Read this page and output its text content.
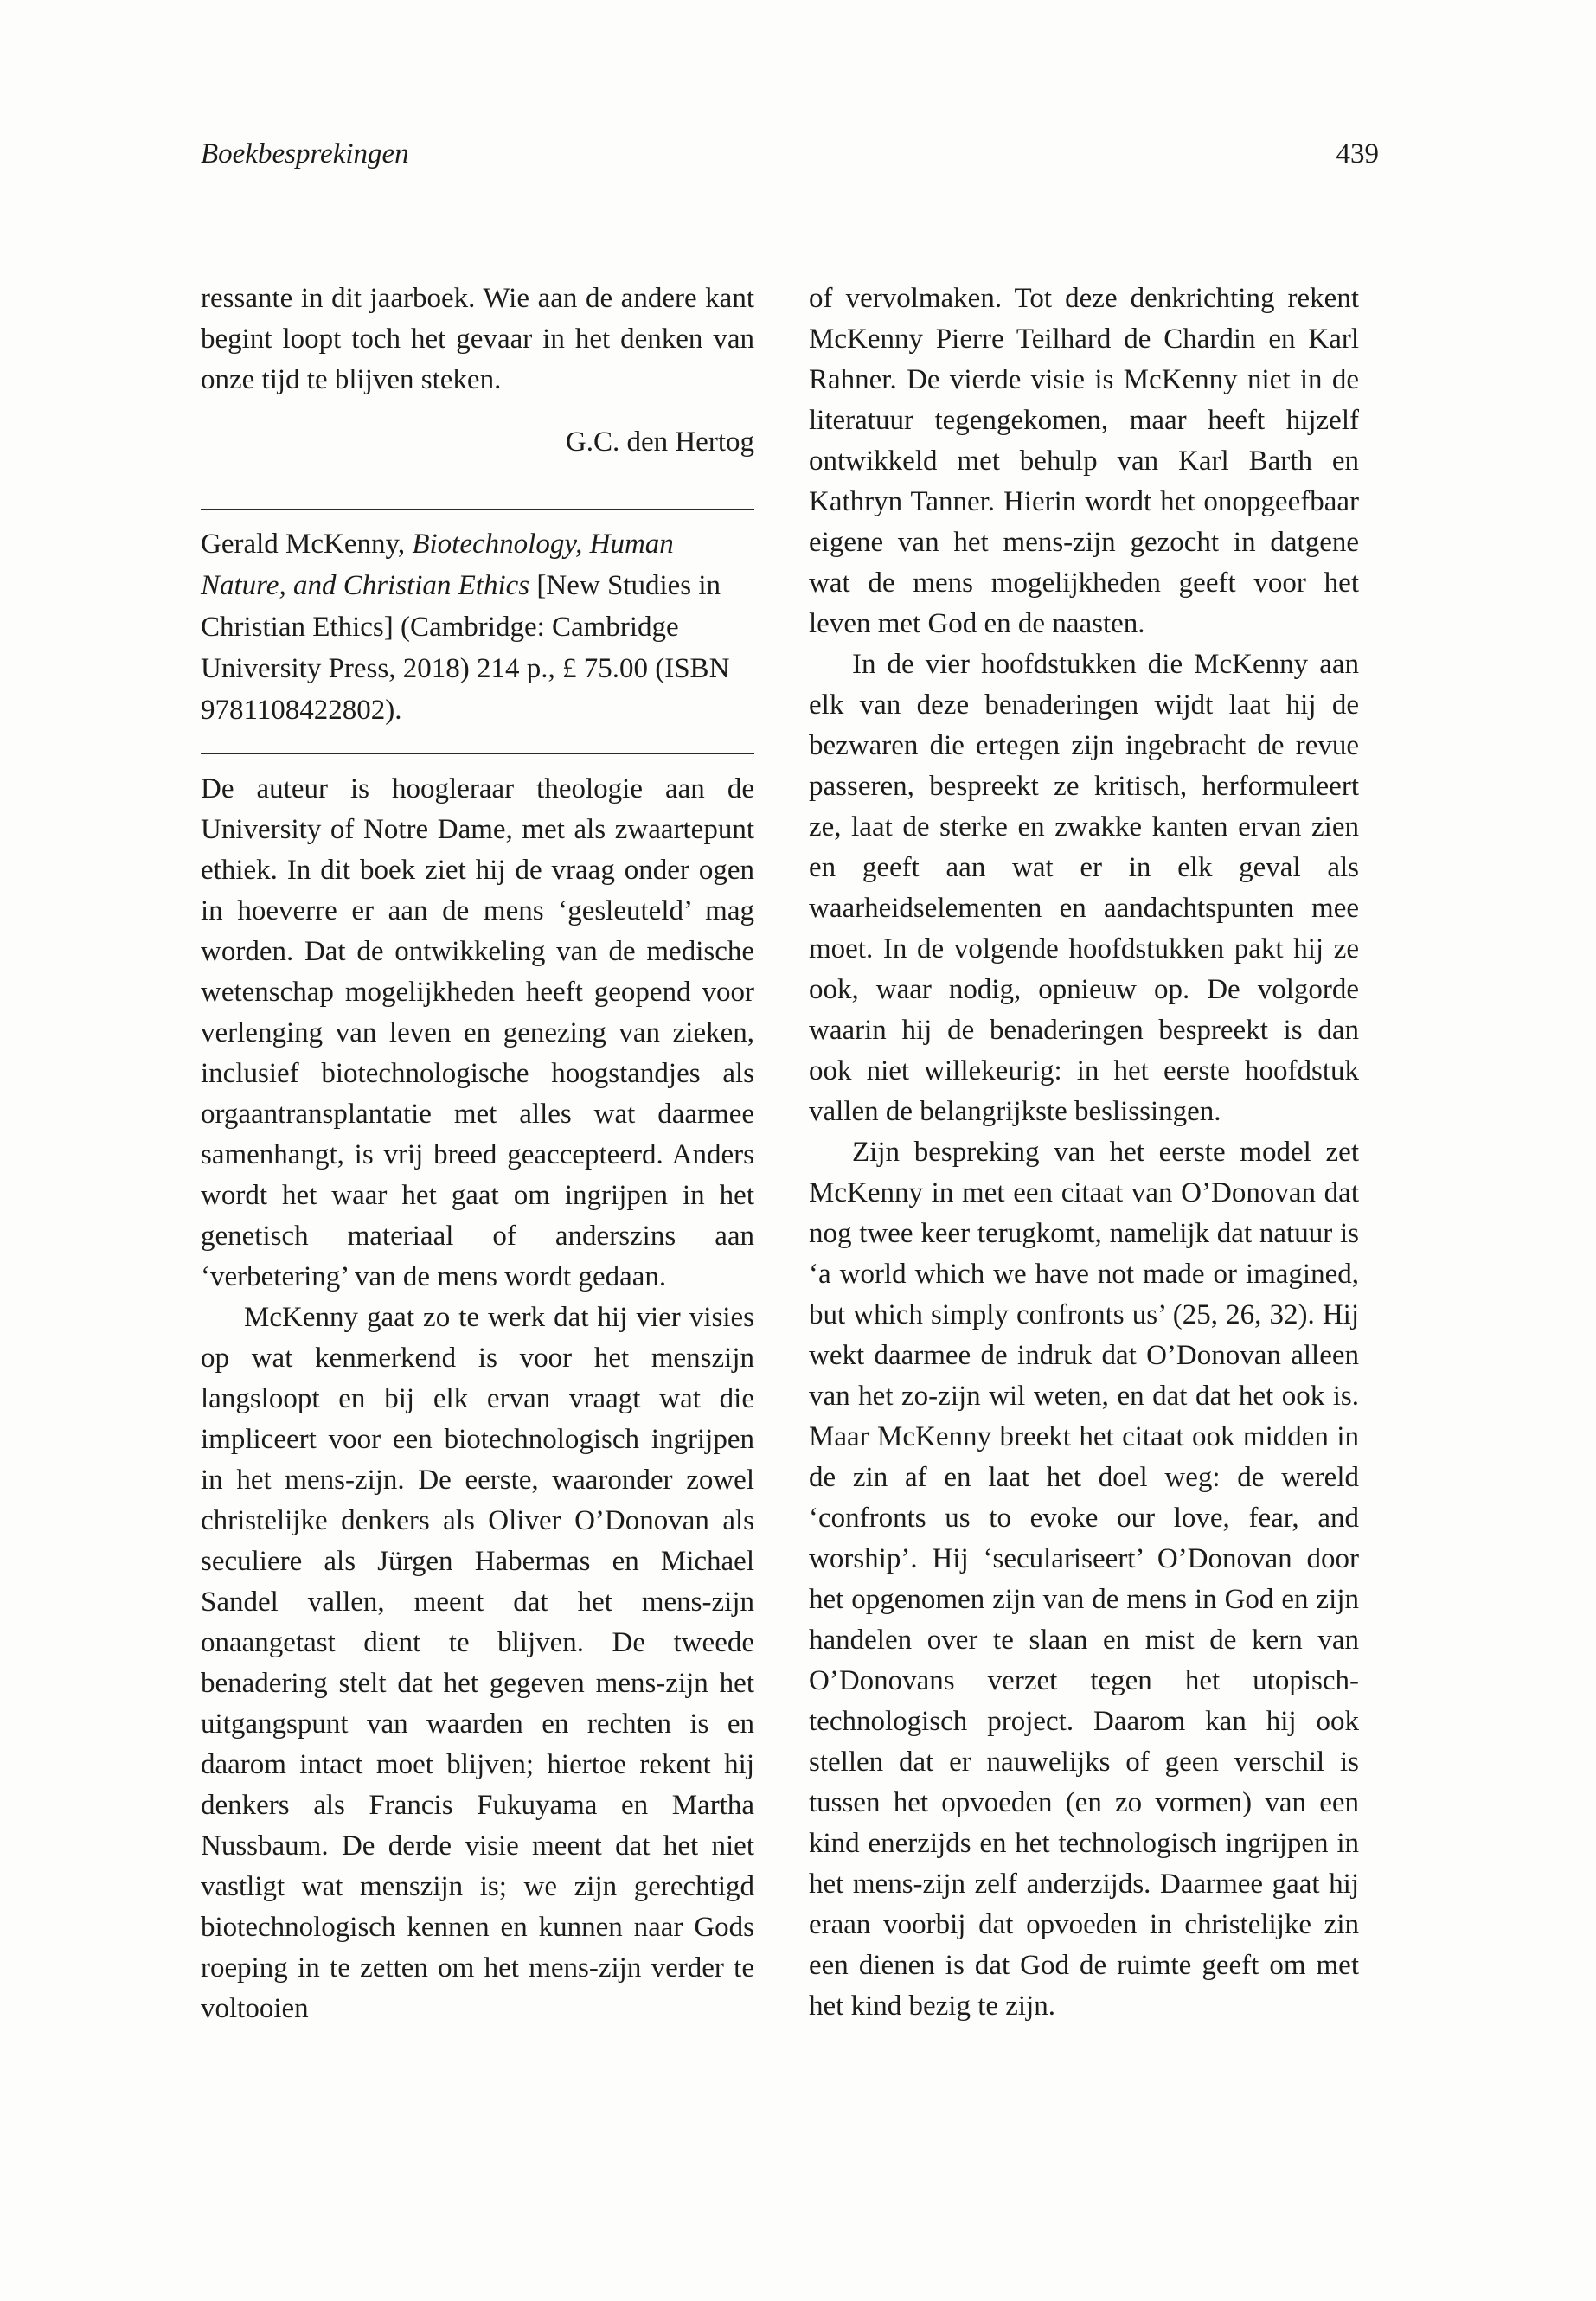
Boekbesprekingen	439

ressante in dit jaarboek. Wie aan de andere kant begint loopt toch het gevaar in het denken van onze tijd te blijven steken.

G.C. den Hertog

Gerald McKenny, Biotechnology, Human Nature, and Christian Ethics [New Studies in Christian Ethics] (Cambridge: Cambridge University Press, 2018) 214 p., £ 75.00 (ISBN 9781108422802).

De auteur is hoogleraar theologie aan de University of Notre Dame, met als zwaartepunt ethiek. In dit boek ziet hij de vraag onder ogen in hoeverre er aan de mens ‘gesleuteld’ mag worden. Dat de ontwikkeling van de medische wetenschap mogelijkheden heeft geopend voor verlenging van leven en genezing van zieken, inclusief biotechnologische hoogstandjes als orgaantransplantatie met alles wat daarmee samenhangt, is vrij breed geaccepteerd. Anders wordt het waar het gaat om ingrijpen in het genetisch materiaal of anderszins aan ‘verbetering’ van de mens wordt gedaan.

McKenny gaat zo te werk dat hij vier visies op wat kenmerkend is voor het menszijn langsloopt en bij elk ervan vraagt wat die impliceert voor een biotechnologisch ingrijpen in het mens-zijn. De eerste, waaronder zowel christelijke denkers als Oliver O’Donovan als seculiere als Jürgen Habermas en Michael Sandel vallen, meent dat het mens-zijn onaangetast dient te blijven. De tweede benadering stelt dat het gegeven mens-zijn het uitgangspunt van waarden en rechten is en daarom intact moet blijven; hiertoe rekent hij denkers als Francis Fukuyama en Martha Nussbaum. De derde visie meent dat het niet vastligt wat menszijn is; we zijn gerechtigd biotechnologisch kennen en kunnen naar Gods roeping in te zetten om het mens-zijn verder te voltooien

of vervolmaken. Tot deze denkrichting rekent McKenny Pierre Teilhard de Chardin en Karl Rahner. De vierde visie is McKenny niet in de literatuur tegengekomen, maar heeft hijzelf ontwikkeld met behulp van Karl Barth en Kathryn Tanner. Hierin wordt het onopgeefbaar eigene van het mens-zijn gezocht in datgene wat de mens mogelijkheden geeft voor het leven met God en de naasten.

In de vier hoofdstukken die McKenny aan elk van deze benaderingen wijdt laat hij de bezwaren die ertegen zijn ingebracht de revue passeren, bespreekt ze kritisch, herformuleert ze, laat de sterke en zwakke kanten ervan zien en geeft aan wat er in elk geval als waarheidselementen en aandachtspunten mee moet. In de volgende hoofdstukken pakt hij ze ook, waar nodig, opnieuw op. De volgorde waarin hij de benaderingen bespreekt is dan ook niet willekeurig: in het eerste hoofdstuk vallen de belangrijkste beslissingen.

Zijn bespreking van het eerste model zet McKenny in met een citaat van O’Donovan dat nog twee keer terugkomt, namelijk dat natuur is ‘a world which we have not made or imagined, but which simply confronts us’ (25, 26, 32). Hij wekt daarmee de indruk dat O’Donovan alleen van het zo-zijn wil weten, en dat dat het ook is. Maar McKenny breekt het citaat ook midden in de zin af en laat het doel weg: de wereld ‘confronts us to evoke our love, fear, and worship’. Hij ‘seculariseert’ O’Donovan door het opgenomen zijn van de mens in God en zijn handelen over te slaan en mist de kern van O’Donovans verzet tegen het utopisch-technologisch project. Daarom kan hij ook stellen dat er nauwelijks of geen verschil is tussen het opvoeden (en zo vormen) van een kind enerzijds en het technologisch ingrijpen in het mens-zijn zelf anderzijds. Daarmee gaat hij eraan voorbij dat opvoeden in christelijke zin een dienen is dat God de ruimte geeft om met het kind bezig te zijn.
